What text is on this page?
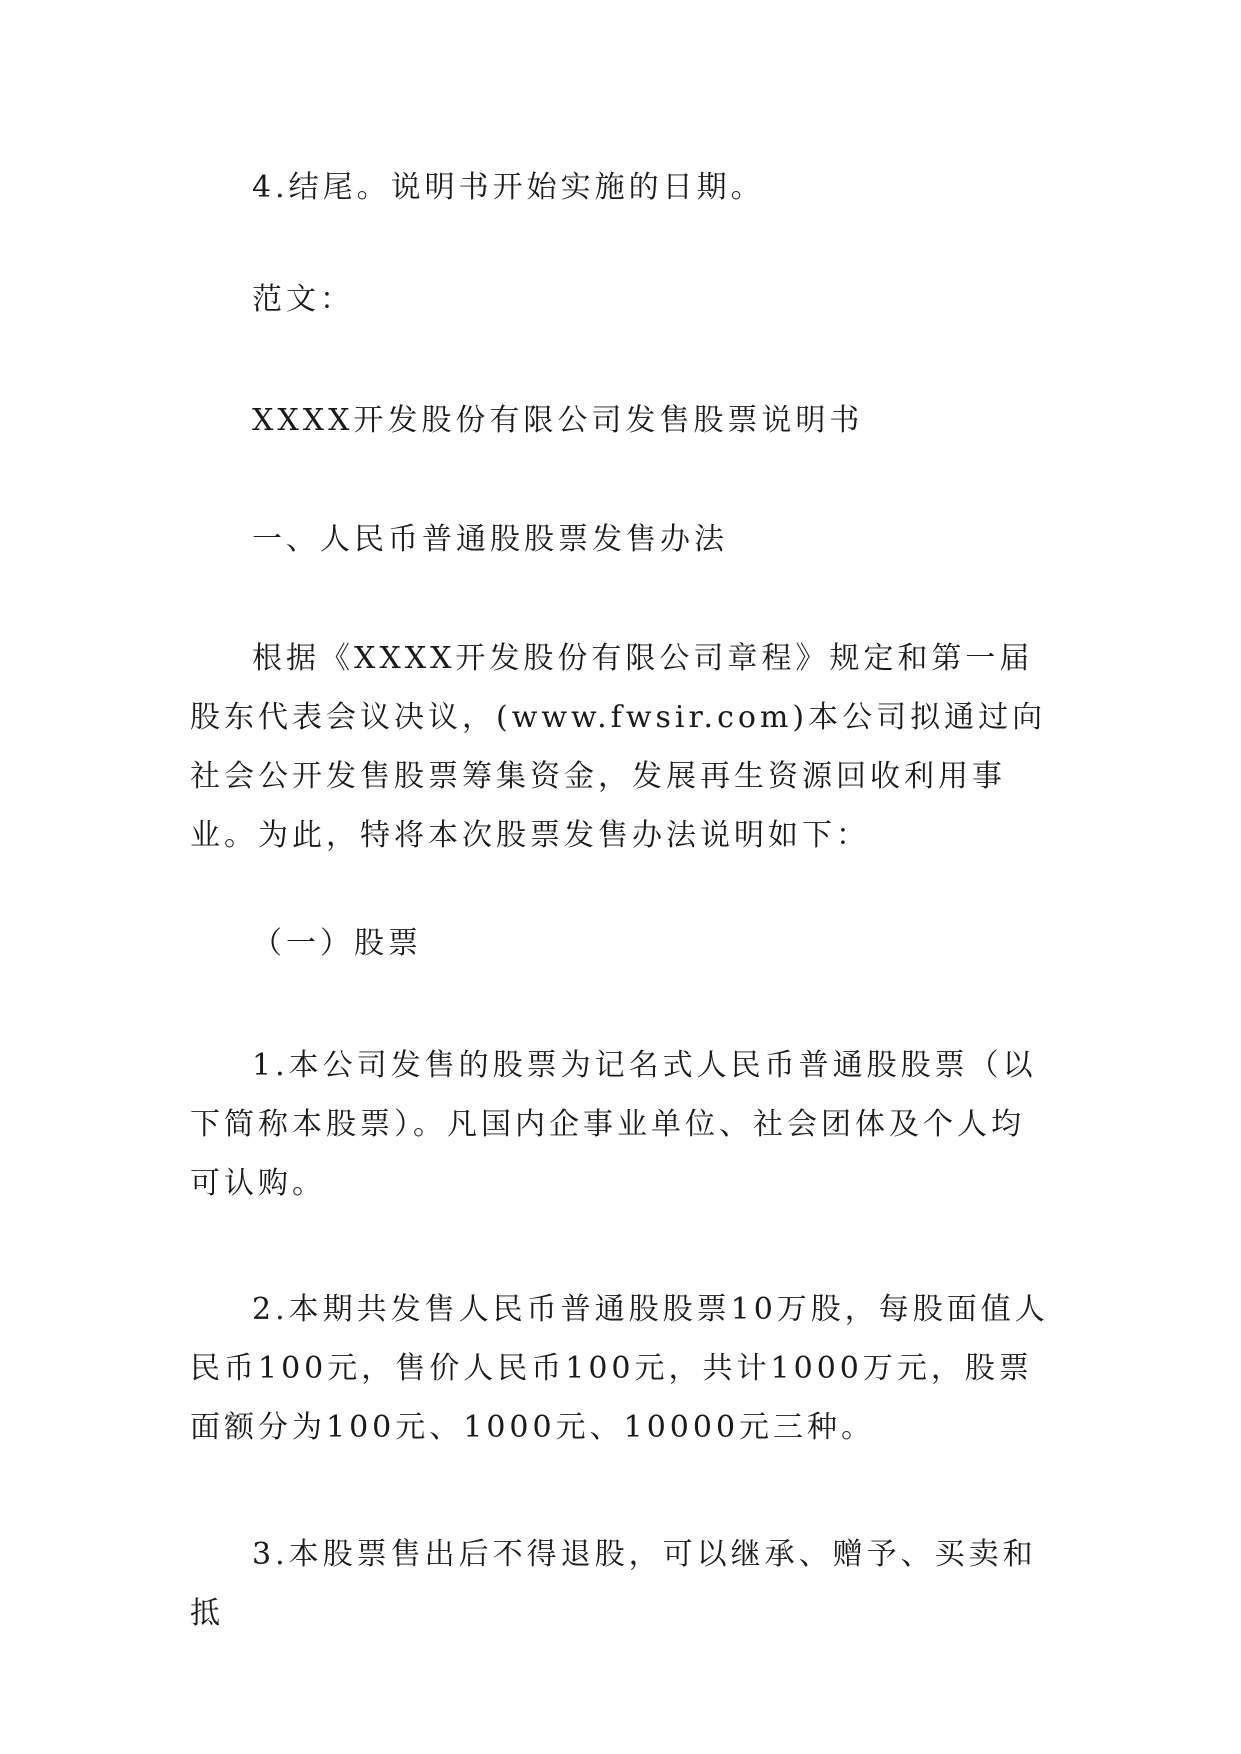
4.结尾。说明书开始实施的日期。

范文：

XXXX开发股份有限公司发售股票说明书

一、人民币普通股股票发售办法

根据《XXXX开发股份有限公司章程》规定和第一届股东代表会议决议，(www.fwsir.com)本公司拟通过向社会公开发售股票筹集资金，发展再生资源回收利用事业。为此，特将本次股票发售办法说明如下：

（一）股票

1.本公司发售的股票为记名式人民币普通股股票（以下简称本股票）。凡国内企事业单位、社会团体及个人均可认购。

2.本期共发售人民币普通股股票10万股，每股面值人民币100元，售价人民币100元，共计1000万元，股票面额分为100元、1000元、10000元三种。

3.本股票售出后不得退股，可以继承、赠予、买卖和抵
